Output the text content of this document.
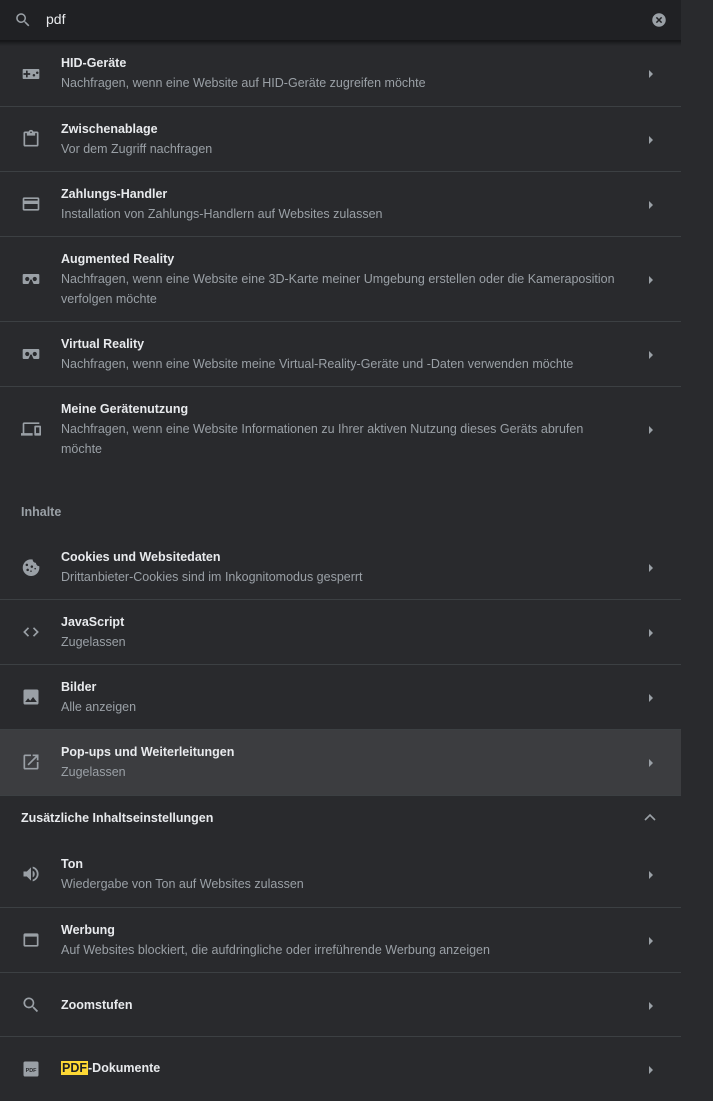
pdf
HID-Geräte
Nachfragen, wenn eine Website auf HID-Geräte zugreifen möchte
Zwischenablage
Vor dem Zugriff nachfragen
Zahlungs-Handler
Installation von Zahlungs-Handlern auf Websites zulassen
Augmented Reality
Nachfragen, wenn eine Website eine 3D-Karte meiner Umgebung erstellen oder die Kameraposition verfolgen möchte
Virtual Reality
Nachfragen, wenn eine Website meine Virtual-Reality-Geräte und -Daten verwenden möchte
Meine Gerätenutzung
Nachfragen, wenn eine Website Informationen zu Ihrer aktiven Nutzung dieses Geräts abrufen möchte
Inhalte
Cookies und Websitedaten
Drittanbieter-Cookies sind im Inkognitomodus gesperrt
JavaScript
Zugelassen
Bilder
Alle anzeigen
Pop-ups und Weiterleitungen
Zugelassen
Zusätzliche Inhaltseinstellungen
Ton
Wiedergabe von Ton auf Websites zulassen
Werbung
Auf Websites blockiert, die aufdringliche oder irreführende Werbung anzeigen
Zoomstufen
PDF PDF-Dokumente
